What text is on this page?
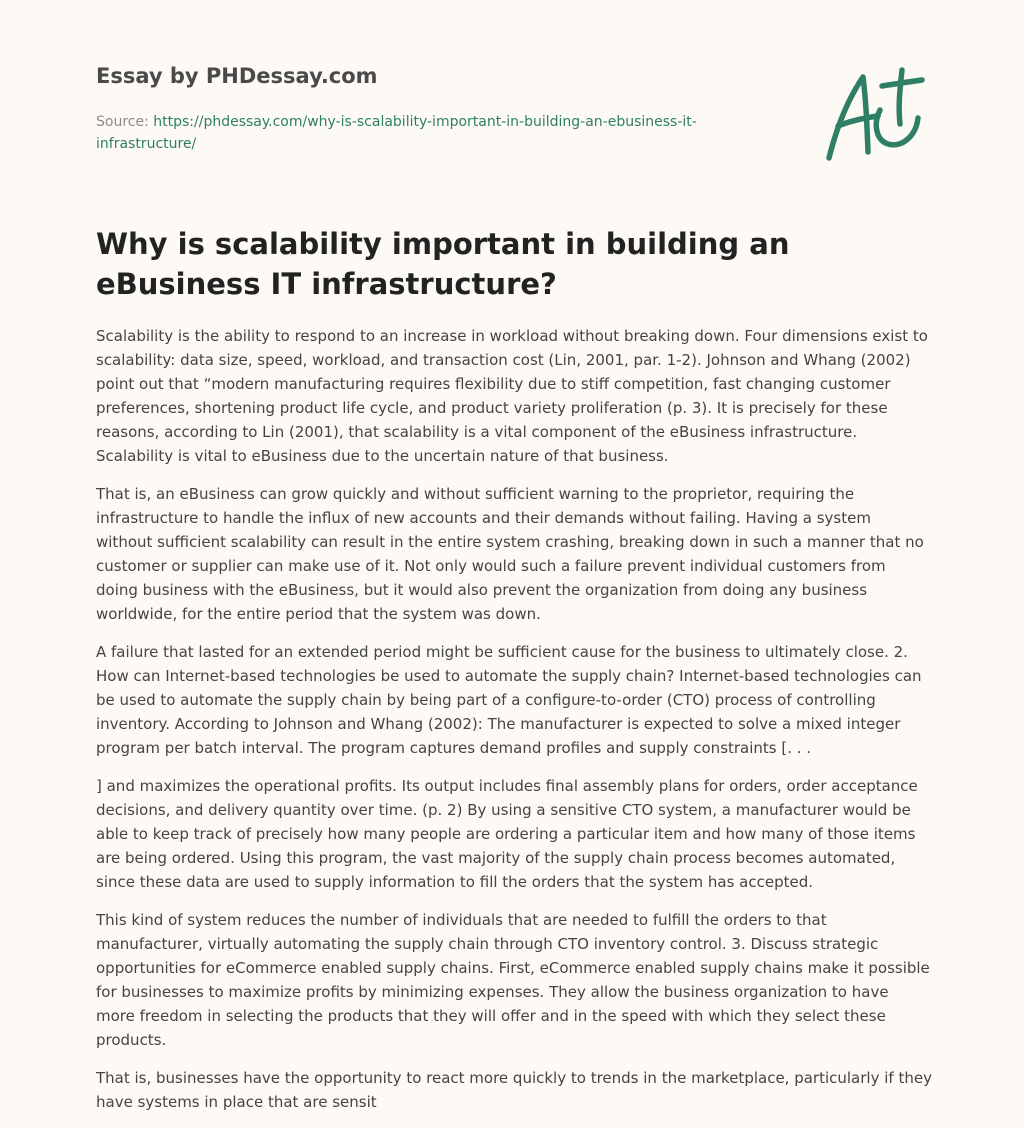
Essay by PHDessay.com
Source: https://phdessay.com/why-is-scalability-important-in-building-an-ebusiness-it-infrastructure/
Why is scalability important in building an eBusiness IT infrastructure?

Scalability is the ability to respond to an increase in workload without breaking down. Four dimensions exist to scalability: data size, speed, workload, and transaction cost (Lin, 2001, par. 1-2). Johnson and Whang (2002) point out that “modern manufacturing requires flexibility due to stiff competition, fast changing customer preferences, shortening product life cycle, and product variety proliferation (p. 3). It is precisely for these reasons, according to Lin (2001), that scalability is a vital component of the eBusiness infrastructure. Scalability is vital to eBusiness due to the uncertain nature of that business.

That is, an eBusiness can grow quickly and without sufficient warning to the proprietor, requiring the infrastructure to handle the influx of new accounts and their demands without failing. Having a system without sufficient scalability can result in the entire system crashing, breaking down in such a manner that no customer or supplier can make use of it. Not only would such a failure prevent individual customers from doing business with the eBusiness, but it would also prevent the organization from doing any business worldwide, for the entire period that the system was down.

A failure that lasted for an extended period might be sufficient cause for the business to ultimately close. 2. How can Internet-based technologies be used to automate the supply chain? Internet-based technologies can be used to automate the supply chain by being part of a configure-to-order (CTO) process of controlling inventory. According to Johnson and Whang (2002): The manufacturer is expected to solve a mixed integer program per batch interval. The program captures demand profiles and supply constraints [. . .

] and maximizes the operational profits. Its output includes final assembly plans for orders, order acceptance decisions, and delivery quantity over time. (p. 2) By using a sensitive CTO system, a manufacturer would be able to keep track of precisely how many people are ordering a particular item and how many of those items are being ordered. Using this program, the vast majority of the supply chain process becomes automated, since these data are used to supply information to fill the orders that the system has accepted.

This kind of system reduces the number of individuals that are needed to fulfill the orders to that manufacturer, virtually automating the supply chain through CTO inventory control. 3. Discuss strategic opportunities for eCommerce enabled supply chains. First, eCommerce enabled supply chains make it possible for businesses to maximize profits by minimizing expenses. They allow the business organization to have more freedom in selecting the products that they will offer and in the speed with which they select these products.

That is, businesses have the opportunity to react more quickly to trends in the marketplace, particularly if they have systems in place that are sensit
